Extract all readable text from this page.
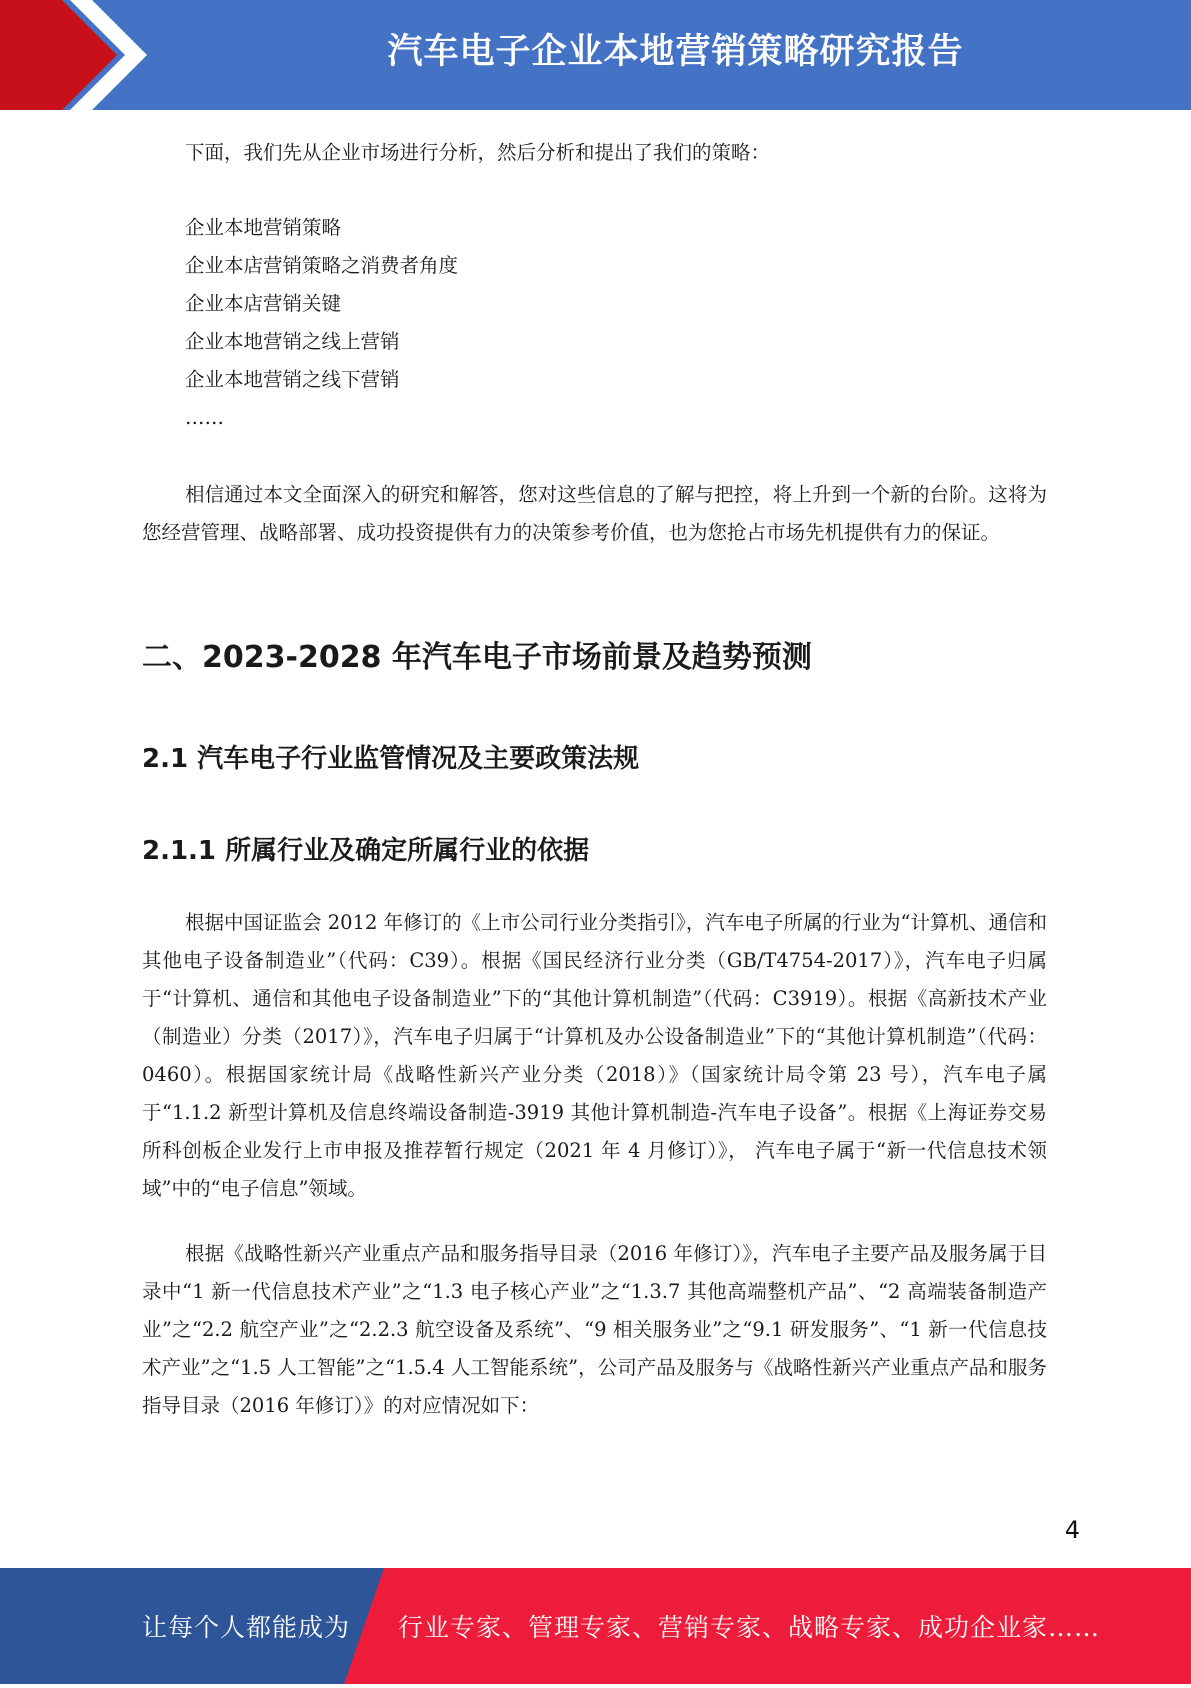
汽车电子企业本地营销策略研究报告

下面，我们先从企业市场进行分析，然后分析和提出了我们的策略：

企业本地营销策略

企业本店营销策略之消费者角度

企业本店营销关键

企业本地营销之线上营销

企业本地营销之线下营销

……

相信通过本文全面深入的研究和解答，您对这些信息的了解与把控，将上升到一个新的台阶。这将为您经营管理、战略部署、成功投资提供有力的决策参考价值，也为您抢占市场先机提供有力的保证。

二、2023-2028 年汽车电子市场前景及趋势预测
2.1 汽车电子行业监管情况及主要政策法规
2.1.1 所属行业及确定所属行业的依据

根据中国证监会 2012 年修订的《上市公司行业分类指引》，汽车电子所属的行业为“计算机、通信和其他电子设备制造业”（代码：C39）。根据《国民经济行业分类（GB/T4754-2017）》，汽车电子归属于“计算机、通信和其他电子设备制造业”下的“其他计算机制造”（代码：C3919）。根据《高新技术产业（制造业）分类（2017）》，汽车电子归属于“计算机及办公设备制造业”下的“其他计算机制造”（代码：0460）。根据国家统计局《战略性新兴产业分类（2018）》（国家统计局令第 23 号），汽车电子属于“1.1.2 新型计算机及信息终端设备制造-3919 其他计算机制造-汽车电子设备”。根据《上海证券交易所科创板企业发行上市申报及推荐暂行规定（2021 年 4 月修订）》， 汽车电子属于“新一代信息技术领域”中的“电子信息”领域。

根据《战略性新兴产业重点产品和服务指导目录（2016 年修订）》，汽车电子主要产品及服务属于目录中“1 新一代信息技术产业”之“1.3 电子核心产业”之“1.3.7 其他高端整机产品”、“2 高端装备制造产业”之“2.2 航空产业”之“2.2.3 航空设备及系统”、“9 相关服务业”之“9.1 研发服务”、“1 新一代信息技术产业”之“1.5 人工智能”之“1.5.4 人工智能系统”，公司产品及服务与《战略性新兴产业重点产品和服务指导目录（2016 年修订）》的对应情况如下：

4
让每个人都能成为 行业专家、管理专家、营销专家、战略专家、成功企业家……
